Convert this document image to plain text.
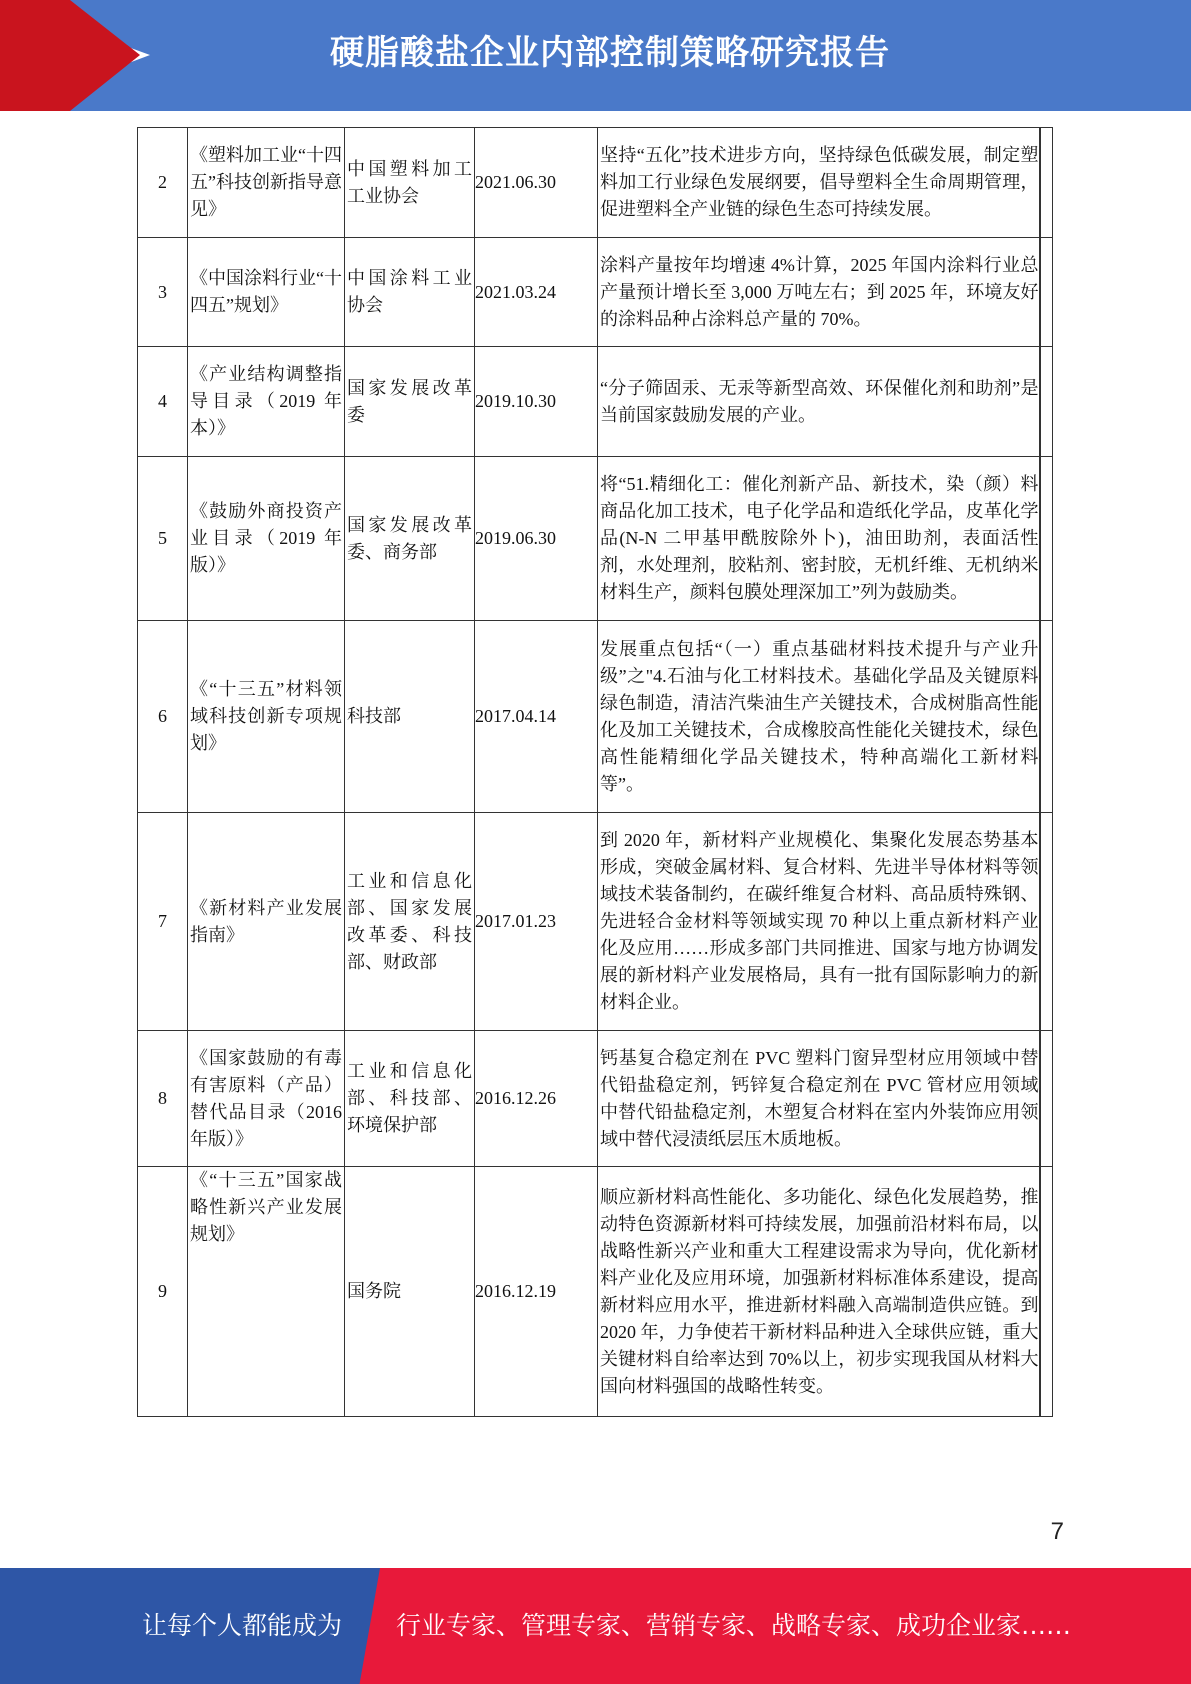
硬脂酸盐企业内部控制策略研究报告
2	《塑料加工业“十四五”科技创新指导意见》	中国塑料加工工业协会	2021.06.30	坚持“五化”技术进步方向，坚持绿色低碳发展，制定塑料加工行业绿色发展纲要，倡导塑料全生命周期管理，促进塑料全产业链的绿色生态可持续发展。	
3	《中国涂料行业“十四五”规划》	中国涂料工业协会	2021.03.24	涂料产量按年均增速 4%计算，2025 年国内涂料行业总产量预计增长至 3,000 万吨左右；到 2025 年，环境友好的涂料品种占涂料总产量的 70%。	
4	《产业结构调整指导目录（2019 年本）》	国家发展改革委	2019.10.30	“分子筛固汞、无汞等新型高效、环保催化剂和助剂”是当前国家鼓励发展的产业。	
5	《鼓励外商投资产业目录（2019 年版）》	国家发展改革委、商务部	2019.06.30	将“51.精细化工：催化剂新产品、新技术，染（颜）料商品化加工技术，电子化学品和造纸化学品，皮革化学品(N-N 二甲基甲酰胺除外卜)，油田助剂，表面活性剂，水处理剂，胶粘剂、密封胶，无机纤维、无机纳米材料生产，颜料包膜处理深加工”列为鼓励类。	
6	《“十三五”材料领域科技创新专项规划》	科技部	2017.04.14	发展重点包括“（一）重点基础材料技术提升与产业升级”之"4.石油与化工材料技术。基础化学品及关键原料绿色制造，清洁汽柴油生产关键技术，合成树脂高性能化及加工关键技术，合成橡胶高性能化关键技术，绿色高性能精细化学品关键技术，特种高端化工新材料等”。	
7	《新材料产业发展指南》	工业和信息化部、国家发展改革委、科技部、财政部	2017.01.23	到 2020 年，新材料产业规模化、集聚化发展态势基本形成，突破金属材料、复合材料、先进半导体材料等领域技术装备制约，在碳纤维复合材料、高品质特殊钢、先进轻合金材料等领域实现 70 种以上重点新材料产业化及应用……形成多部门共同推进、国家与地方协调发展的新材料产业发展格局，具有一批有国际影响力的新材料企业。	
8	《国家鼓励的有毒有害原料（产品）替代品目录（2016 年版）》	工业和信息化部、科技部、环境保护部	2016.12.26	钙基复合稳定剂在 PVC 塑料门窗异型材应用领域中替代铅盐稳定剂，钙锌复合稳定剂在 PVC 管材应用领域中替代铅盐稳定剂，木塑复合材料在室内外装饰应用领域中替代浸渍纸层压木质地板。	
9	《“十三五”国家战略性新兴产业发展规划》	国务院	2016.12.19	顺应新材料高性能化、多功能化、绿色化发展趋势，推动特色资源新材料可持续发展，加强前沿材料布局，以战略性新兴产业和重大工程建设需求为导向，优化新材料产业化及应用环境，加强新材料标准体系建设，提高新材料应用水平，推进新材料融入高端制造供应链。到 2020 年，力争使若干新材料品种进入全球供应链，重大关键材料自给率达到 70%以上，初步实现我国从材料大国向材料强国的战略性转变。	
7
让每个人都能成为 行业专家、管理专家、营销专家、战略专家、成功企业家……
